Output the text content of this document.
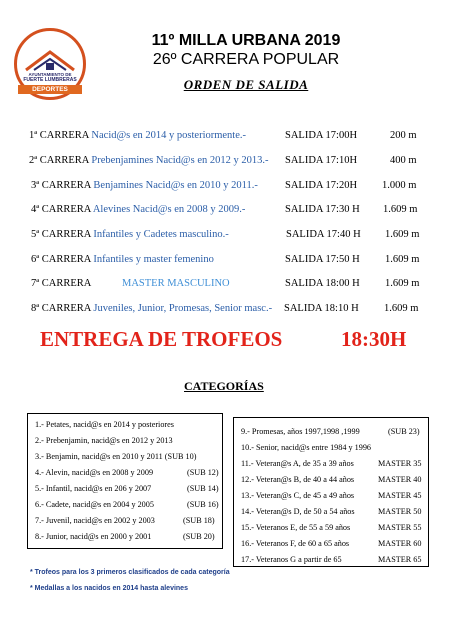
AYUNTAMIENTO DE
FUERTE LUMBRERAS
DEPORTES
11º MILLA URBANA 2019
26º CARRERA POPULAR
ORDEN DE SALIDA
1ª CARRERA Nacid@s en 2014 y posteriormente.-	SALIDA 17:00H	200 m
2ª CARRERA Prebenjamines Nacid@s en 2012 y 2013.- SALIDA 17:10H	400 m
3ª CARRERA Benjamines Nacid@s en 2010 y 2011.-	SALIDA 17:20H 1.000 m
4ª CARRERA Alevines Nacid@s en 2008 y 2009.-	SALIDA 17:30 H 1.609 m
5ª CARRERA Infantiles y Cadetes masculino.-	SALIDA 17:40 H 1.609 m
6ª CARRERA Infantiles y master femenino	SALIDA 17:50 H 1.609 m
7ª CARRERA	MASTER MASCULINO	SALIDA 18:00 H 1.609 m
8ª CARRERA Juveniles, Junior, Promesas, Senior masc.- SALIDA 18:10 H 1.609 m
ENTREGA DE TROFEOS	18:30H
CATEGORÍAS
1.- Petates, nacid@s en 2014 y posteriores
2.- Prebenjamin, nacid@s en 2012 y 2013
3.- Benjamin, nacid@s en 2010 y 2011 (SUB 10)
4.- Alevin, nacid@s en 2008 y 2009	(SUB 12)
5.- Infantil, nacid@s en 206 y 2007	(SUB 14)
6.- Cadete, nacid@s en 2004 y 2005	(SUB 16)
7.- Juvenil, nacid@s en 2002 y 2003	(SUB 18)
8.- Junior, nacid@s en 2000 y 2001	(SUB 20)
9.- Promesas, años 1997,1998 ,1999	(SUB 23)
10.- Senior, nacid@s entre 1984 y 1996
11.- Veteran@s A, de 35 a 39 años	MASTER 35
12.- Veteran@s B, de 40 a 44 años	MASTER 40
13.- Veteran@s C, de 45 a 49 años	MASTER 45
14.- Veteran@s D, de 50 a 54 años	MASTER 50
15.- Veteranos E, de 55 a 59 años	MASTER 55
16.- Veteranos F, de 60 a 65 años	MASTER 60
17.- Veteranos G a partir de 65	MASTER 65
* Trofeos para los 3 primeros clasificados de cada categoría
* Medallas a los nacidos en 2014 hasta alevines
